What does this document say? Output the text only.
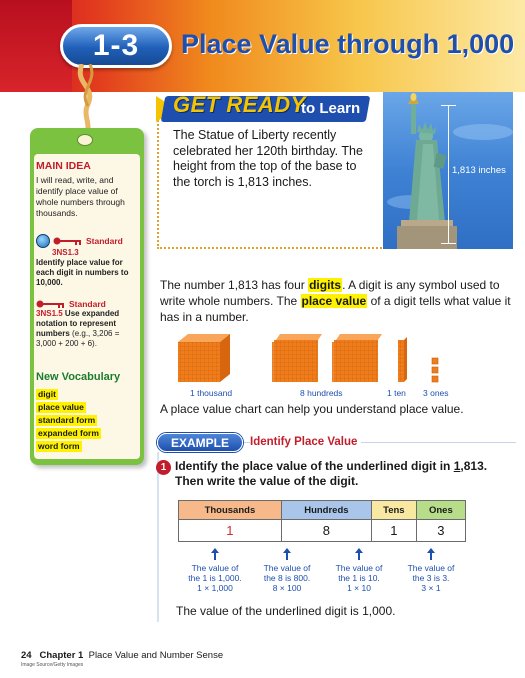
1-3 Place Value through 1,000
MAIN IDEA
I will read, write, and identify place value of whole numbers through thousands.
Standard
3NS1.3
Identify place value for each digit in numbers to 10,000.
Standard
3NS1.5 Use expanded notation to represent numbers (e.g., 3,206 = 3,000 + 200 + 6).
New Vocabulary
digit
place value
standard form
expanded form
word form
GET READY
to Learn
The Statue of Liberty recently celebrated her 120th birthday. The height from the top of the base to the torch is 1,813 inches.
1,813 inches
The number 1,813 has four digits. A digit is any symbol used to write whole numbers. The place value of a digit tells what value it has in a number.
1 thousand	8 hundreds	1 ten 3 ones
A place value chart can help you understand place value.
EXAMPLE	Identify Place Value
1 Identify the place value of the underlined digit in 1,813. Then write the value of the digit.
Thousands	Hundreds	Tens	Ones
1	8	1	3
The value of
the 1 is 1,000.
1 × 1,000
The value of
the 8 is 800.
8 × 100
The value of
the 1 is 10.
1 × 10
The value of
the 3 is 3.
3 × 1
The value of the underlined digit is 1,000.
24 Chapter 1 Place Value and Number Sense
Image Source/Getty Images
